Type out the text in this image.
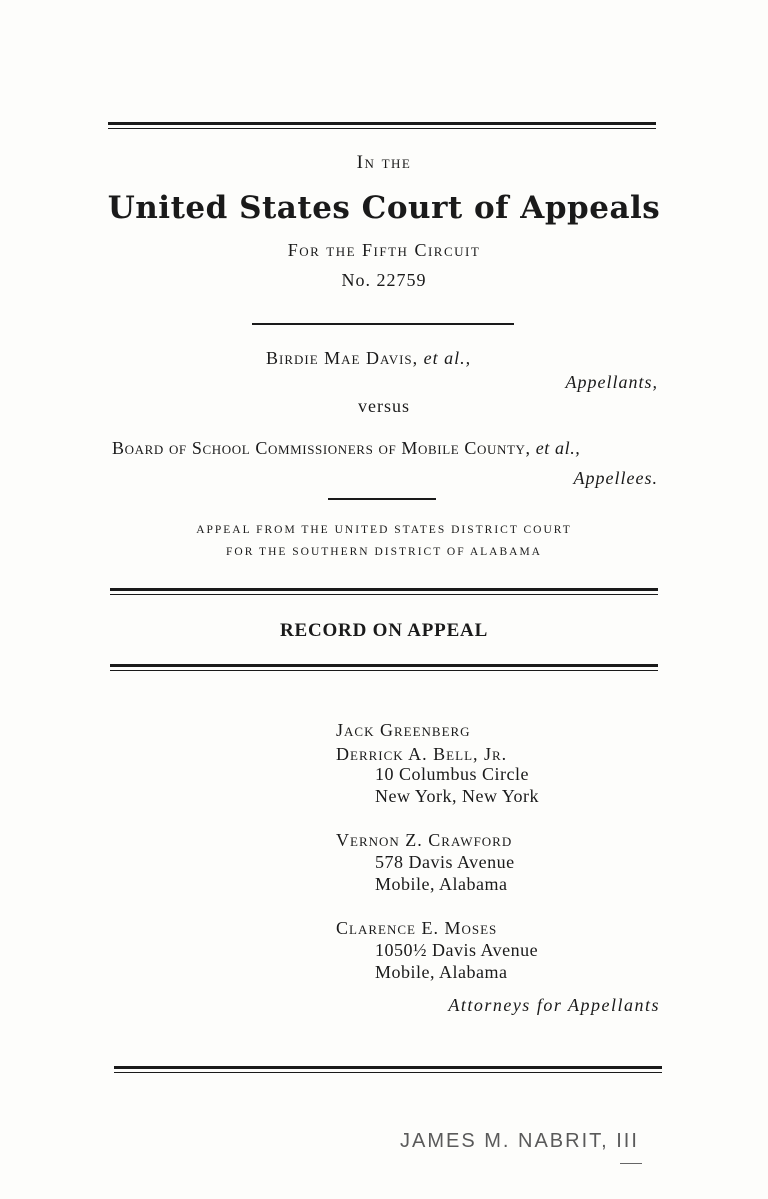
In the
United States Court of Appeals
For the Fifth Circuit
No. 22759
Birdie Mae Davis, et al.,
Appellants,
versus
Board of School Commissioners of Mobile County, et al.,
Appellees.
APPEAL FROM THE UNITED STATES DISTRICT COURT
FOR THE SOUTHERN DISTRICT OF ALABAMA
RECORD ON APPEAL
Jack Greenberg
Derrick A. Bell, Jr.
10 Columbus Circle
New York, New York
Vernon Z. Crawford
578 Davis Avenue
Mobile, Alabama
Clarence E. Moses
1050½ Davis Avenue
Mobile, Alabama
Attorneys for Appellants
JAMES M. NABRIT, III
